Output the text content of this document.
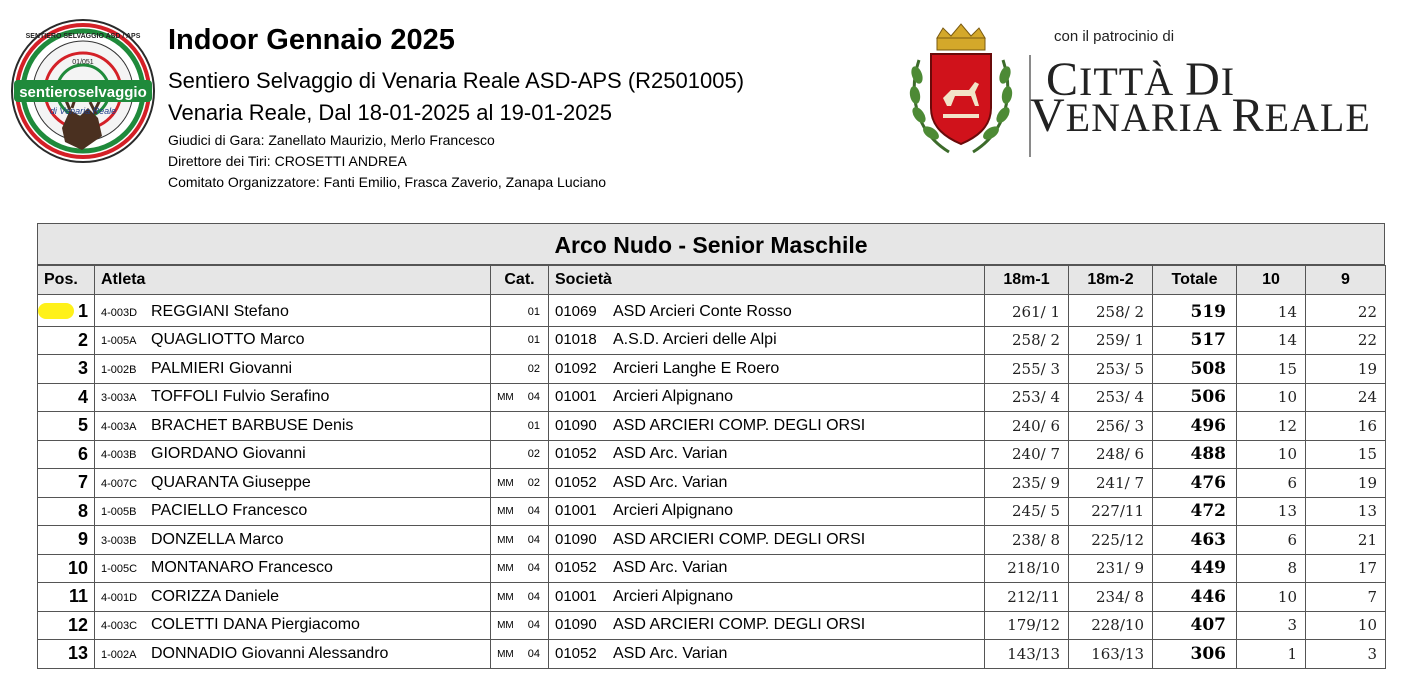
sentieroselvaggio
di Venaria Reale
01/051
SENTIERO SELVAGGIO ASD / APS Indoor Gennaio 2025
Sentiero Selvaggio di Venaria Reale ASD-APS (R2501005)
Venaria Reale, Dal 18-01-2025 al 19-01-2025
Giudici di Gara: Zanellato Maurizio, Merlo Francesco
Direttore dei Tiri: CROSETTI ANDREA
Comitato Organizzatore: Fanti Emilio, Frasca Zaverio, Zanapa Luciano
con il patrocinio di
CITTÀ DI
VENARIA REALE
Arco Nudo - Senior Maschile
Pos.	Atleta	Cat.	Società	18m-1	18m-2	Totale	10	9

1	4-003D REGGIANI Stefano	01	01069 ASD Arcieri Conte Rosso	261/ 1	258/ 2	519	14	22
2	1-005A QUAGLIOTTO Marco	01	01018 A.S.D. Arcieri delle Alpi	258/ 2	259/ 1	517	14	22
3	1-002B PALMIERI Giovanni	02	01092 Arcieri Langhe E Roero	255/ 3	253/ 5	508	15	19
4	3-003A TOFFOLI Fulvio Serafino	MM 04	01001 Arcieri Alpignano	253/ 4	253/ 4	506	10	24
5	4-003A BRACHET BARBUSE Denis	01	01090 ASD ARCIERI COMP. DEGLI ORSI	240/ 6	256/ 3	496	12	16
6	4-003B GIORDANO Giovanni	02	01052 ASD Arc. Varian	240/ 7	248/ 6	488	10	15
7	4-007C QUARANTA Giuseppe	MM 02	01052 ASD Arc. Varian	235/ 9	241/ 7	476	6	19
8	1-005B PACIELLO Francesco	MM 04	01001 Arcieri Alpignano	245/ 5	227/11	472	13	13
9	3-003B DONZELLA Marco	MM 04	01090 ASD ARCIERI COMP. DEGLI ORSI	238/ 8	225/12	463	6	21
10	1-005C MONTANARO Francesco	MM 04	01052 ASD Arc. Varian	218/10	231/ 9	449	8	17
11	4-001D CORIZZA Daniele	MM 04	01001 Arcieri Alpignano	212/11	234/ 8	446	10	7
12	4-003C COLETTI DANA Piergiacomo	MM 04	01090 ASD ARCIERI COMP. DEGLI ORSI	179/12	228/10	407	3	10
13	1-002A DONNADIO Giovanni Alessandro	MM 04	01052 ASD Arc. Varian	143/13	163/13	306	1	3
